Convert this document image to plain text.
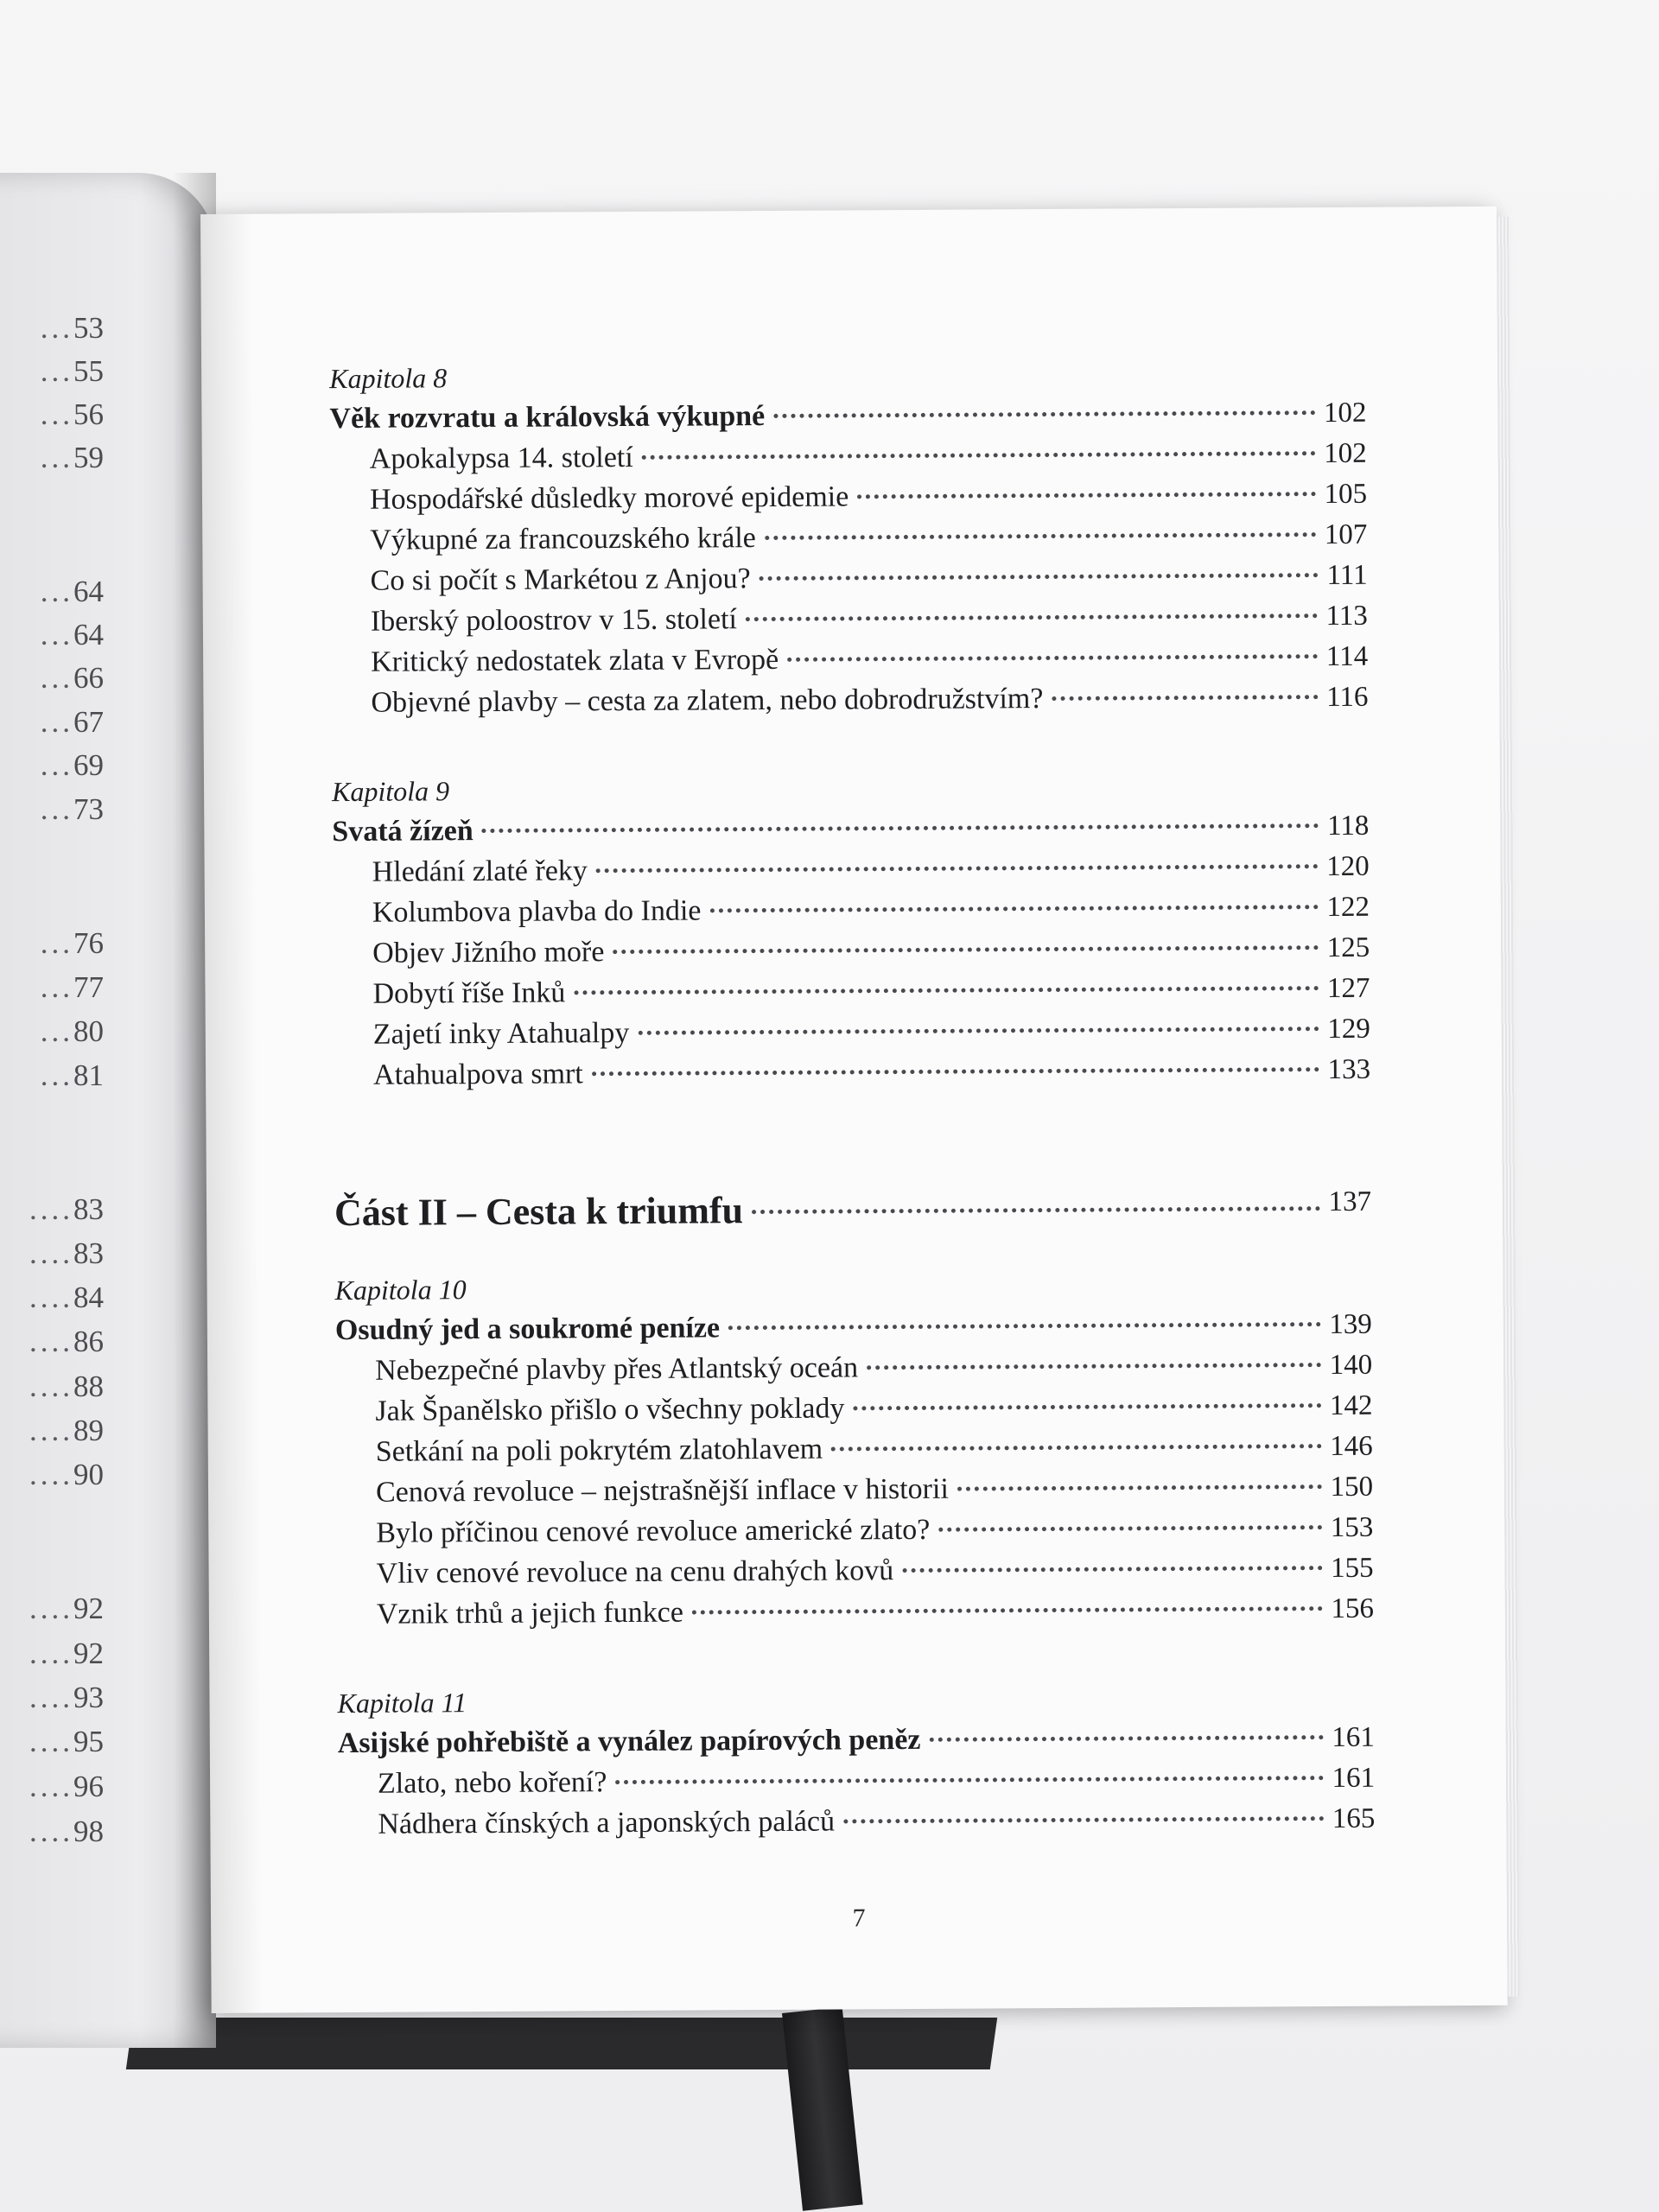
...53
...55
...56
...59
...64
...64
...66
...67
...69
...73
...76
...77
...80
...81
....83
....83
....84
....86
....88
....89
....90
....92
....92
....93
....95
....96
....98
Kapitola 8
Věk rozvratu a královská výkupné	102
Apokalypsa 14. století	102
Hospodářské důsledky morové epidemie	105
Výkupné za francouzského krále	107
Co si počít s Markétou z Anjou?	111
Iberský poloostrov v 15. století	113
Kritický nedostatek zlata v Evropě	114
Objevné plavby – cesta za zlatem, nebo dobrodružstvím?	116
Kapitola 9
Svatá žízeň	118
Hledání zlaté řeky	120
Kolumbova plavba do Indie	122
Objev Jižního moře	125
Dobytí říše Inků	127
Zajetí inky Atahualpy	129
Atahualpova smrt	133
Část II – Cesta k triumfu	137
Kapitola 10
Osudný jed a soukromé peníze	139
Nebezpečné plavby přes Atlantský oceán	140
Jak Španělsko přišlo o všechny poklady	142
Setkání na poli pokrytém zlatohlavem	146
Cenová revoluce – nejstrašnější inflace v historii	150
Bylo příčinou cenové revoluce americké zlato?	153
Vliv cenové revoluce na cenu drahých kovů	155
Vznik trhů a jejich funkce	156
Kapitola 11
Asijské pohřebiště a vynález papírových peněz	161
Zlato, nebo koření?	161
Nádhera čínských a japonských paláců	165
7
